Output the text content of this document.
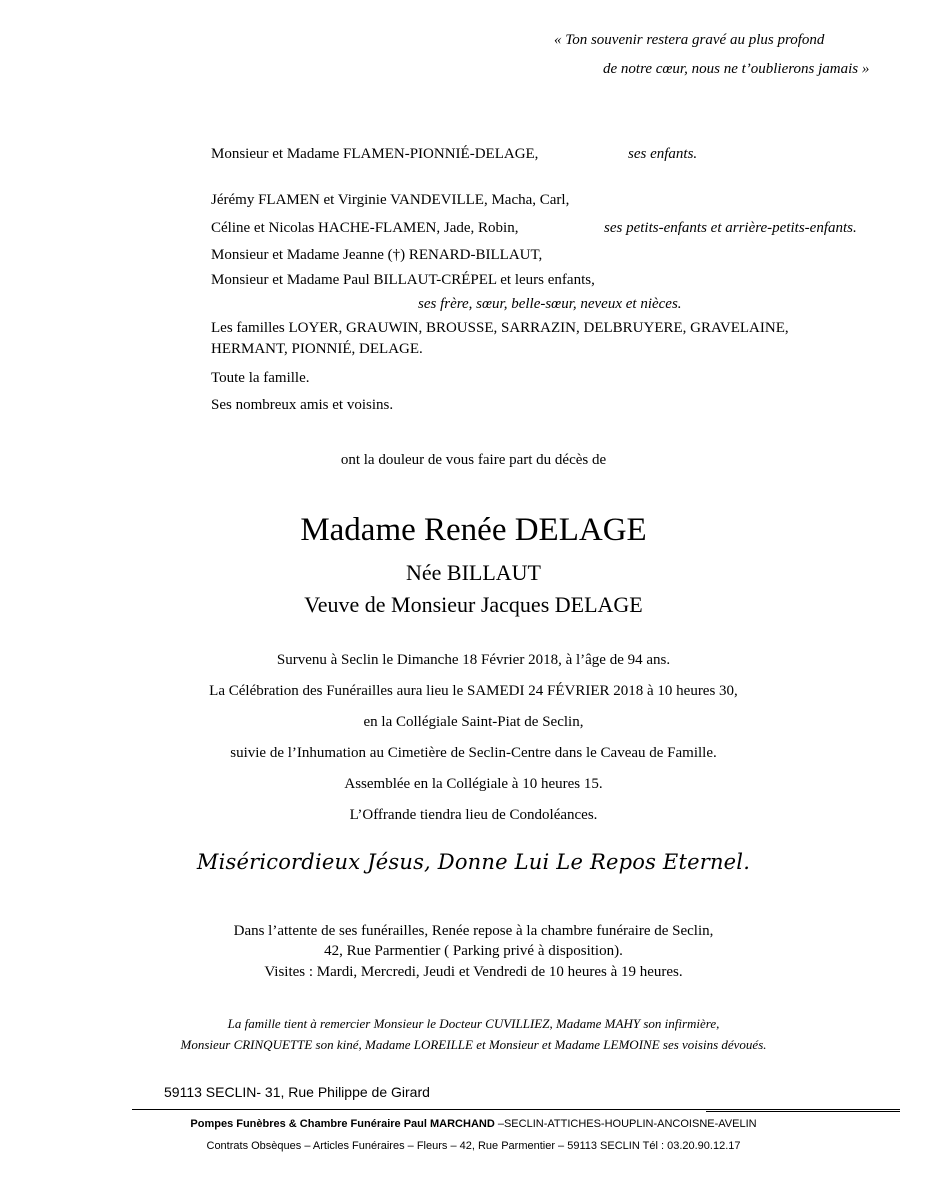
« Ton souvenir restera gravé au plus profond
de notre cœur, nous ne t’oublierons jamais »
Monsieur et Madame FLAMEN-PIONNIÉ-DELAGE,	ses enfants.
Jérémy FLAMEN et Virginie VANDEVILLE, Macha, Carl,
Céline et Nicolas HACHE-FLAMEN, Jade, Robin,	ses petits-enfants et arrière-petits-enfants.
Monsieur et Madame Jeanne (†) RENARD-BILLAUT,
Monsieur et Madame Paul BILLAUT-CRÉPEL et leurs enfants,
ses frère, sœur, belle-sœur, neveux et nièces.
Les familles LOYER, GRAUWIN, BROUSSE, SARRAZIN, DELBRUYERE, GRAVELAINE,
HERMANT, PIONNIÉ, DELAGE.
Toute la famille.
Ses nombreux amis et voisins.
ont la douleur de vous faire part du décès de
Madame Renée DELAGE
Née BILLAUT
Veuve de Monsieur Jacques DELAGE
Survenu à Seclin le Dimanche 18 Février 2018, à l’âge de 94 ans.
La Célébration des Funérailles aura lieu le SAMEDI 24 FÉVRIER 2018 à 10 heures 30,
en la Collégiale Saint-Piat de Seclin,
suivie de l’Inhumation au Cimetière de Seclin-Centre dans le Caveau de Famille.
Assemblée en la Collégiale à 10 heures 15.
L’Offrande tiendra lieu de Condoléances.
Miséricordieux Jésus, Donne Lui Le Repos Eternel.
Dans l’attente de ses funérailles, Renée repose à la chambre funéraire de Seclin,
42, Rue Parmentier ( Parking privé à disposition).
Visites : Mardi, Mercredi, Jeudi et Vendredi de 10 heures à 19 heures.
La famille tient à remercier Monsieur le Docteur CUVILLIEZ, Madame MAHY son infirmière,
Monsieur CRINQUETTE son kiné, Madame LOREILLE et Monsieur et Madame LEMOINE ses voisins dévoués.
59113 SECLIN- 31, Rue Philippe de Girard
Pompes Funèbres & Chambre Funéraire Paul MARCHAND –SECLIN-ATTICHES-HOUPLIN-ANCOISNE-AVELIN
Contrats Obsèques – Articles Funéraires – Fleurs – 42, Rue Parmentier – 59113 SECLIN Tél : 03.20.90.12.17
